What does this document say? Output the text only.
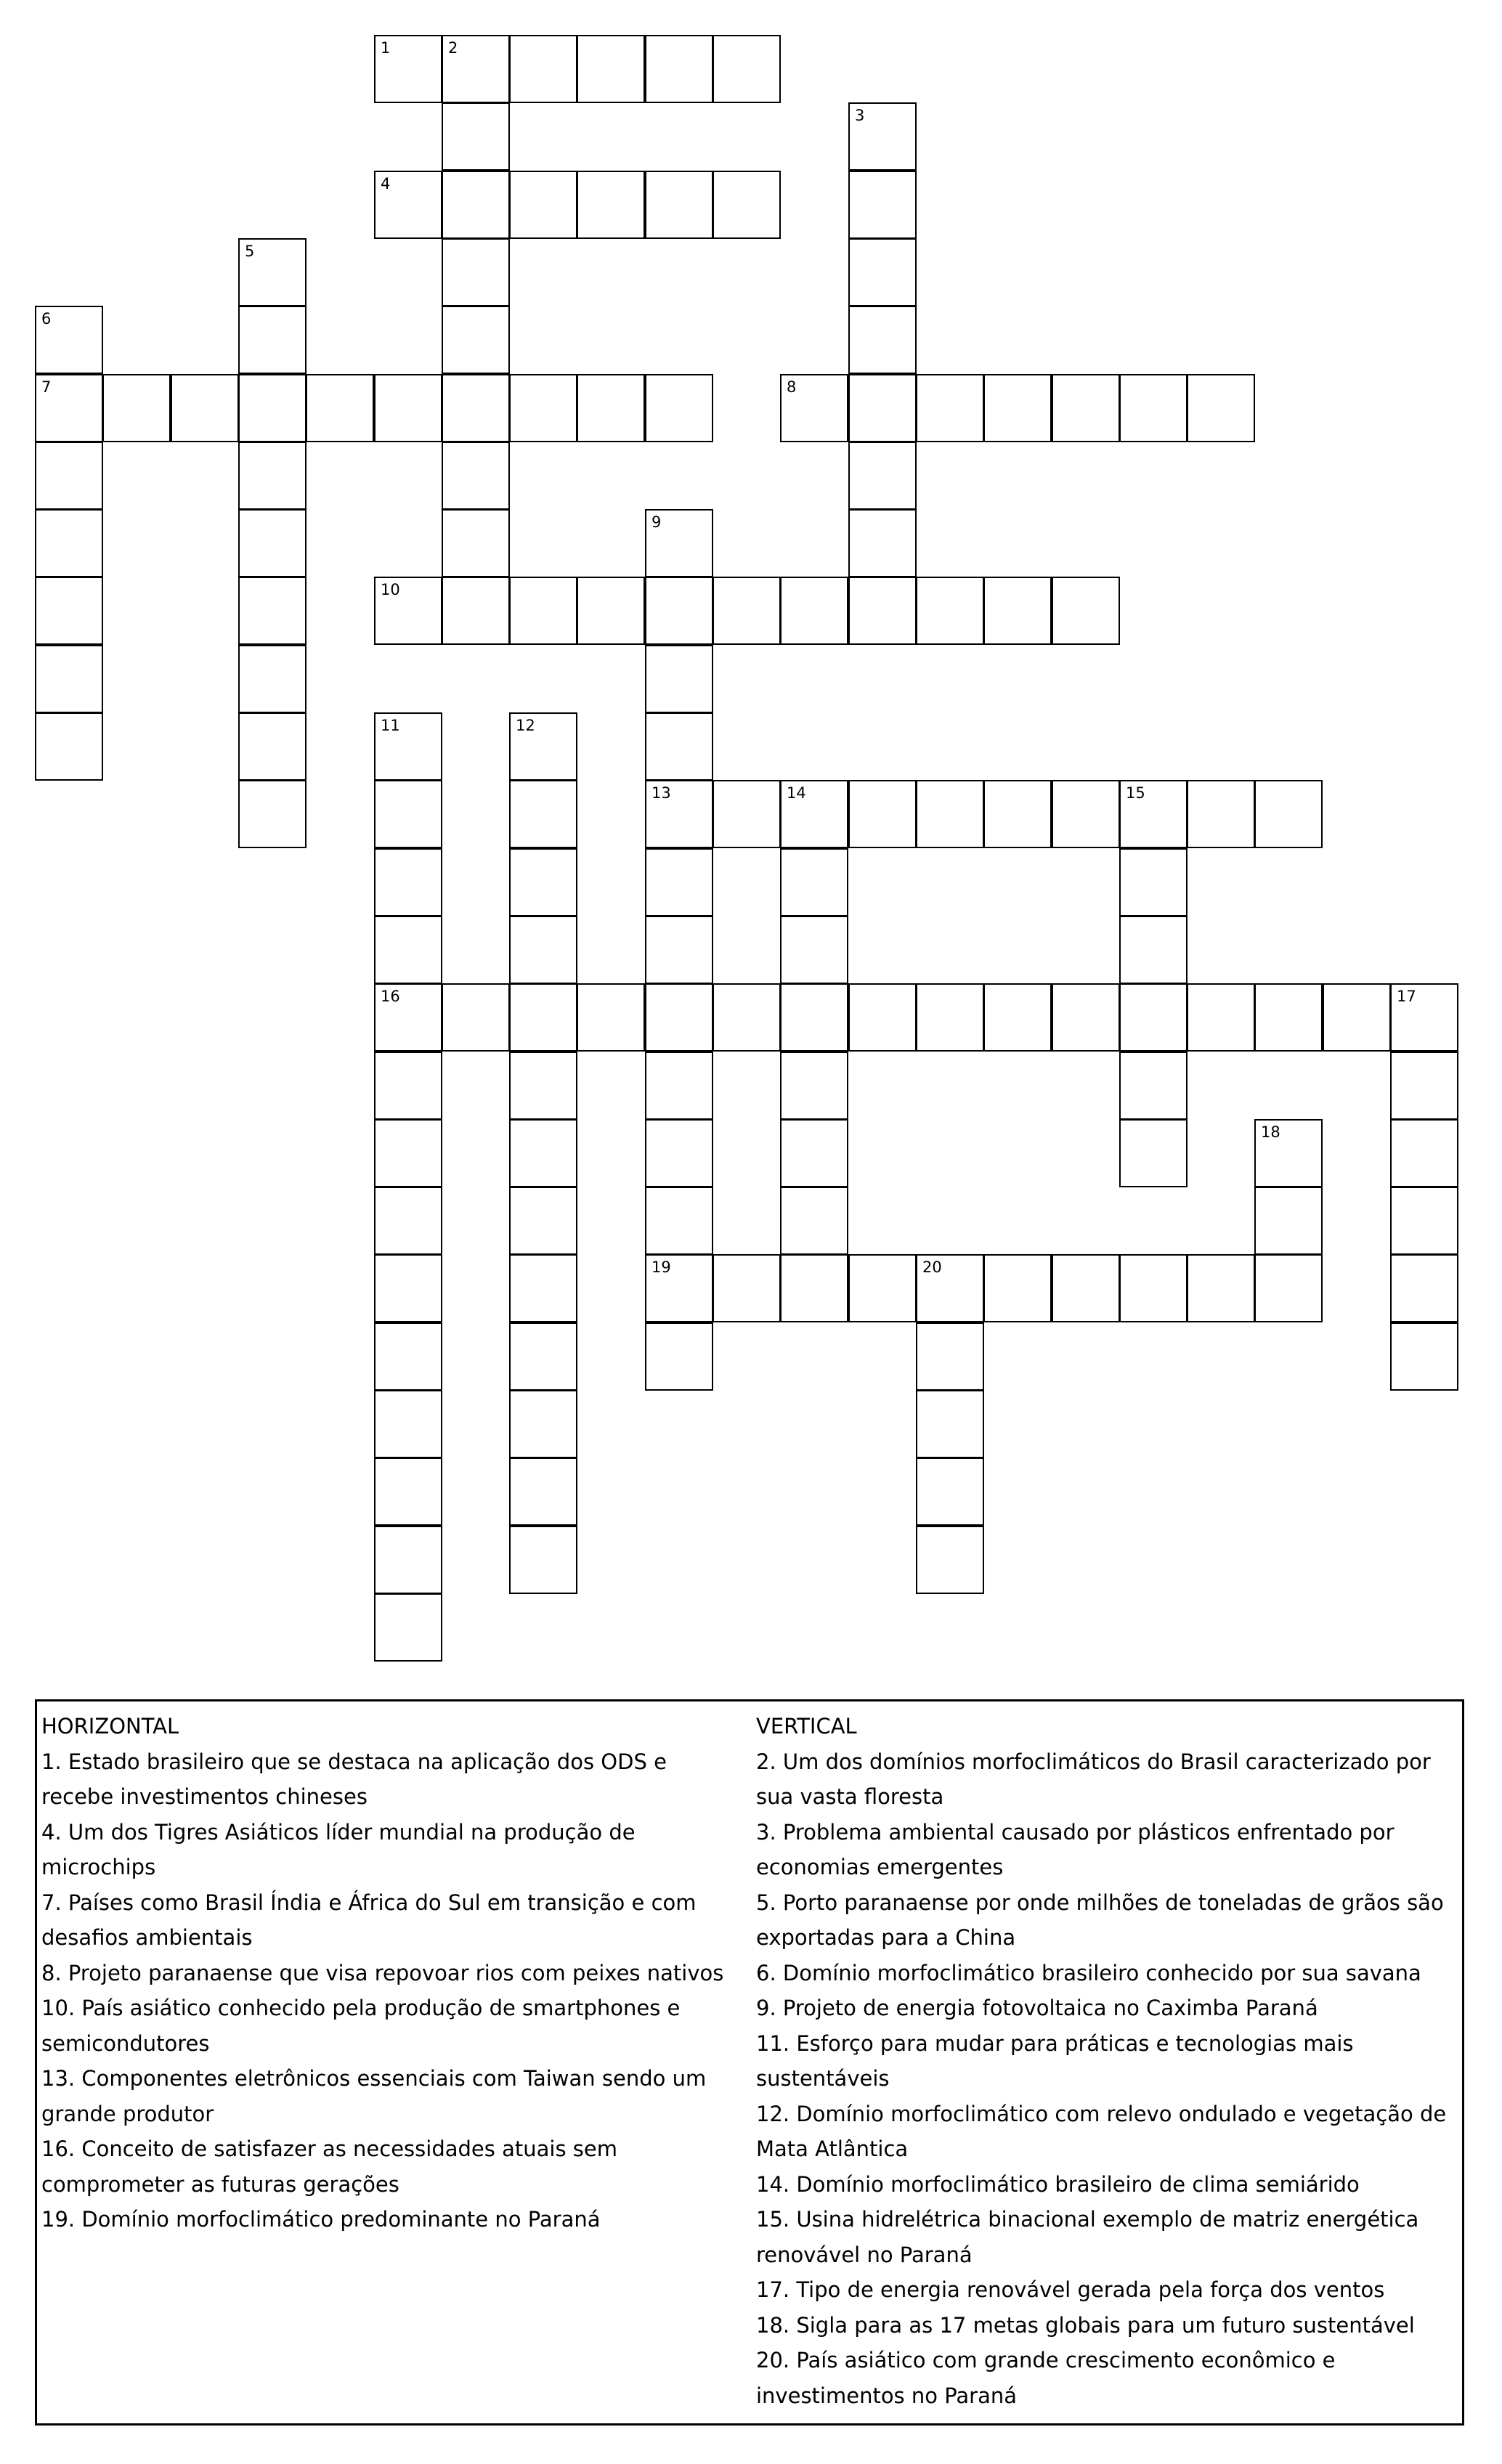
1	2
3
4
5
6
7	8
9
13
19
10
11
16
12
14	15
17
18
20

HORIZONTAL

1. Estado brasileiro que se destaca na aplicação dos ODS e recebe investimentos chineses

4. Um dos Tigres Asiáticos líder mundial na produção de microchips

7. Países como Brasil Índia e África do Sul em transição e com desafios ambientais

8. Projeto paranaense que visa repovoar rios com peixes nativos

10. País asiático conhecido pela produção de smartphones e semicondutores

13. Componentes eletrônicos essenciais com Taiwan sendo um grande produtor

16. Conceito de satisfazer as necessidades atuais sem comprometer as futuras gerações

19. Domínio morfoclimático predominante no Paraná

VERTICAL

2. Um dos domínios morfoclimáticos do Brasil caracterizado por sua vasta floresta

3. Problema ambiental causado por plásticos enfrentado por economias emergentes

5. Porto paranaense por onde milhões de toneladas de grãos são exportadas para a China

6. Domínio morfoclimático brasileiro conhecido por sua savana

9. Projeto de energia fotovoltaica no Caximba Paraná

11. Esforço para mudar para práticas e tecnologias mais sustentáveis

12. Domínio morfoclimático com relevo ondulado e vegetação de Mata Atlântica

14. Domínio morfoclimático brasileiro de clima semiárido

15. Usina hidrelétrica binacional exemplo de matriz energética renovável no Paraná

17. Tipo de energia renovável gerada pela força dos ventos

18. Sigla para as 17 metas globais para um futuro sustentável

20. País asiático com grande crescimento econômico e investimentos no Paraná
